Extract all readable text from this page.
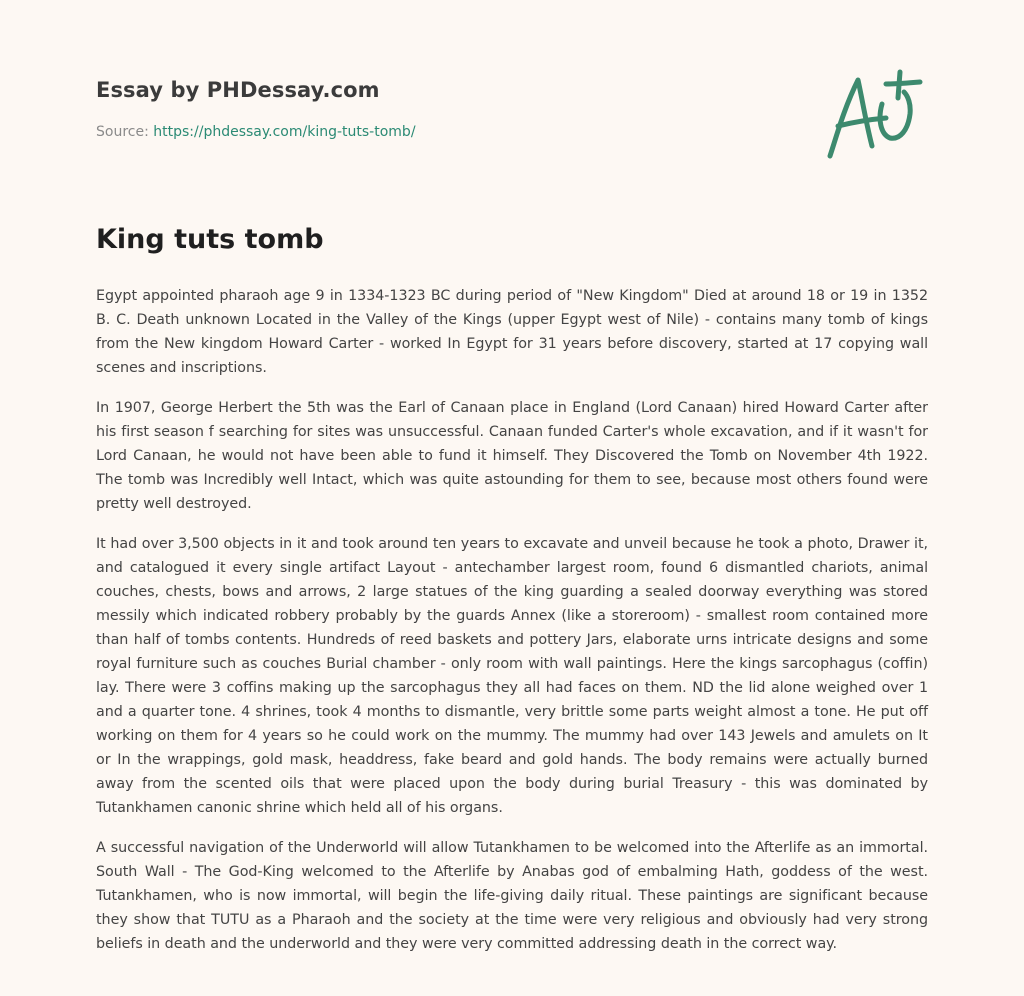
Essay by PHDessay.com
Source: https://phdessay.com/king-tuts-tomb/
King tuts tomb

Egypt appointed pharaoh age 9 in 1334-1323 BC during period of "New Kingdom" Died at around 18 or 19 in 1352 B. C. Death unknown Located in the Valley of the Kings (upper Egypt west of Nile) - contains many tomb of kings from the New kingdom Howard Carter - worked In Egypt for 31 years before discovery, started at 17 copying wall scenes and inscriptions.

In 1907, George Herbert the 5th was the Earl of Canaan place in England (Lord Canaan) hired Howard Carter after his first season f searching for sites was unsuccessful. Canaan funded Carter's whole excavation, and if it wasn't for Lord Canaan, he would not have been able to fund it himself. They Discovered the Tomb on November 4th 1922. The tomb was Incredibly well Intact, which was quite astounding for them to see, because most others found were pretty well destroyed.

It had over 3,500 objects in it and took around ten years to excavate and unveil because he took a photo, Drawer it, and catalogued it every single artifact Layout - antechamber largest room, found 6 dismantled chariots, animal couches, chests, bows and arrows, 2 large statues of the king guarding a sealed doorway everything was stored messily which indicated robbery probably by the guards Annex (like a storeroom) - smallest room contained more than half of tombs contents. Hundreds of reed baskets and pottery Jars, elaborate urns intricate designs and some royal furniture such as couches Burial chamber - only room with wall paintings. Here the kings sarcophagus (coffin) lay. There were 3 coffins making up the sarcophagus they all had faces on them. ND the lid alone weighed over 1 and a quarter tone. 4 shrines, took 4 months to dismantle, very brittle some parts weight almost a tone. He put off working on them for 4 years so he could work on the mummy. The mummy had over 143 Jewels and amulets on It or In the wrappings, gold mask, headdress, fake beard and gold hands. The body remains were actually burned away from the scented oils that were placed upon the body during burial Treasury - this was dominated by Tutankhamen canonic shrine which held all of his organs.

A successful navigation of the Underworld will allow Tutankhamen to be welcomed into the Afterlife as an immortal. South Wall - The God-King welcomed to the Afterlife by Anabas god of embalming Hath, goddess of the west. Tutankhamen, who is now immortal, will begin the life-giving daily ritual. These paintings are significant because they show that TUTU as a Pharaoh and the society at the time were very religious and obviously had very strong beliefs in death and the underworld and they were very committed addressing death in the correct way.
